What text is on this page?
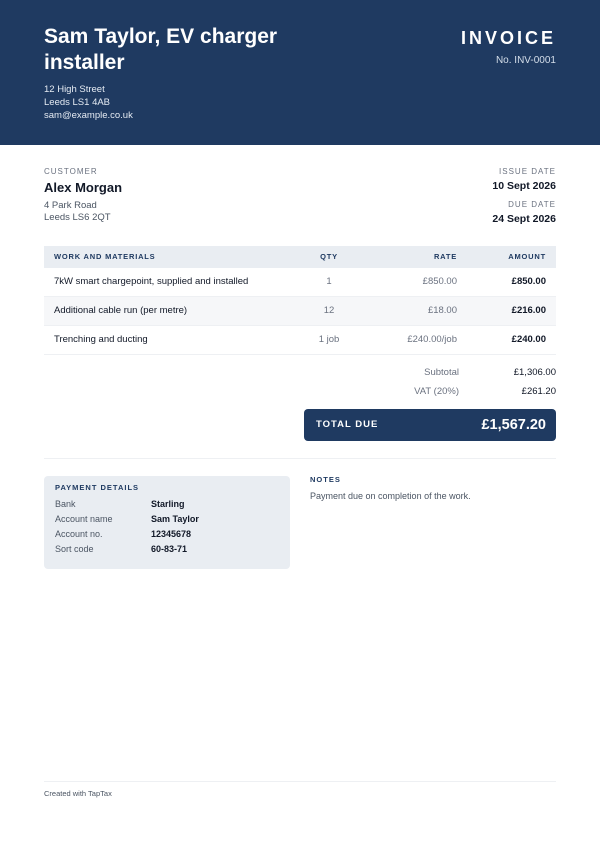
Sam Taylor, EV charger installer
12 High Street
Leeds LS1 4AB
sam@example.co.uk
INVOICE
No. INV-0001
CUSTOMER
Alex Morgan
4 Park Road
Leeds LS6 2QT
ISSUE DATE
10 Sept 2026
DUE DATE
24 Sept 2026
WORK AND MATERIALS	QTY	RATE	AMOUNT
7kW smart chargepoint, supplied and installed	1	£850.00	£850.00
Additional cable run (per metre)	12	£18.00	£216.00
Trenching and ducting	1 job	£240.00/job	£240.00
Subtotal	£1,306.00
VAT (20%)	£261.20
TOTAL DUE	£1,567.20
PAYMENT DETAILS
Bank	Starling
Account name	Sam Taylor
Account no.	12345678
Sort code	60-83-71
NOTES
Payment due on completion of the work.
Created with TapTax
